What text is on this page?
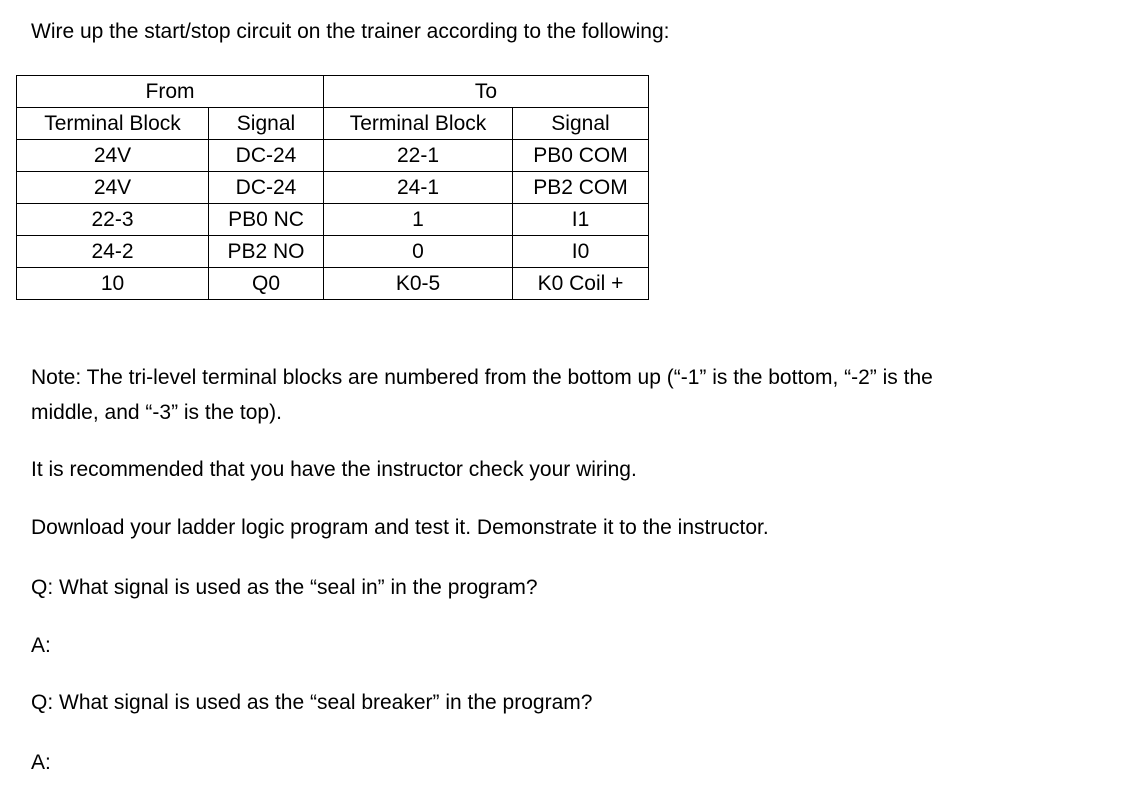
Wire up the start/stop circuit on the trainer according to the following:

From		To	
Terminal Block	Signal	Terminal Block	Signal
24V	DC-24	22-1	PB0 COM
24V	DC-24	24-1	PB2 COM
22-3	PB0 NC	1	I1
24-2	PB2 NO	0	I0
10	Q0	K0-5	K0 Coil +

Note: The tri-level terminal blocks are numbered from the bottom up (“-1” is the bottom, “-2” is the

middle, and “-3” is the top).

It is recommended that you have the instructor check your wiring.

Download your ladder logic program and test it. Demonstrate it to the instructor.

Q: What signal is used as the “seal in” in the program?

A:

Q: What signal is used as the “seal breaker” in the program?

A:
